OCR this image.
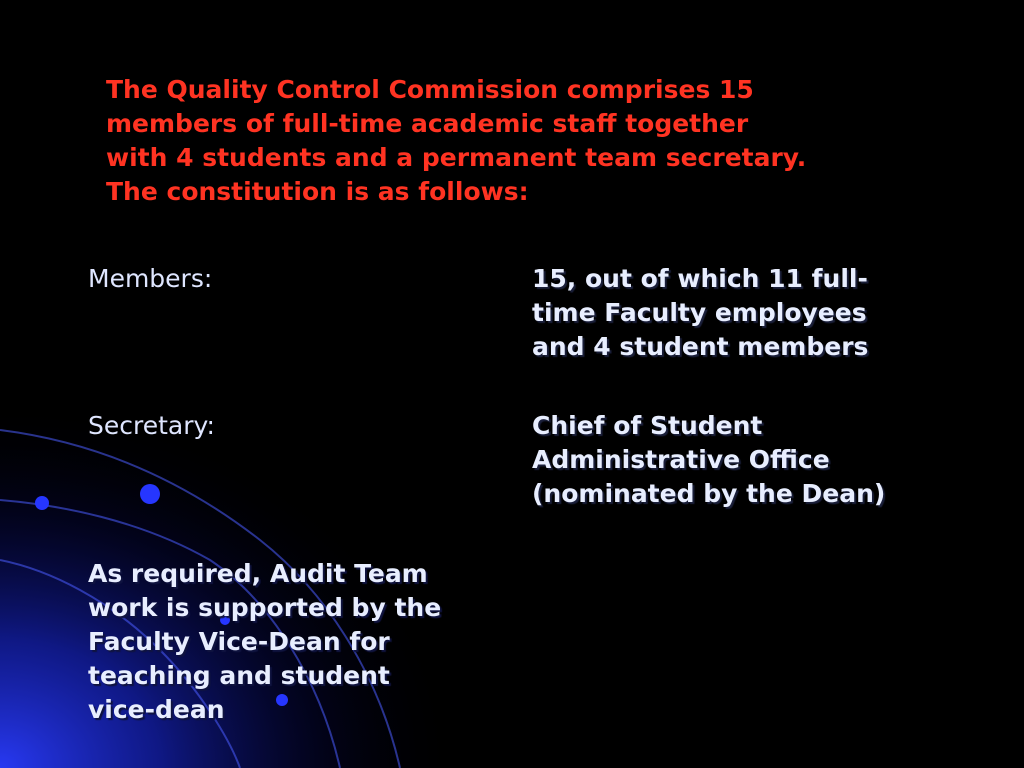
The Quality Control Commission comprises 15
members of full-time academic staff together
with 4 students and a permanent team secretary.
The constitution is as follows:
Members:	15, out of which 11 full-
time Faculty employees
and 4 student members
Secretary:	Chief of Student
Administrative Office
(nominated by the Dean)
As required, Audit Team
work is supported by the
Faculty Vice-Dean for
teaching and student
vice-dean
